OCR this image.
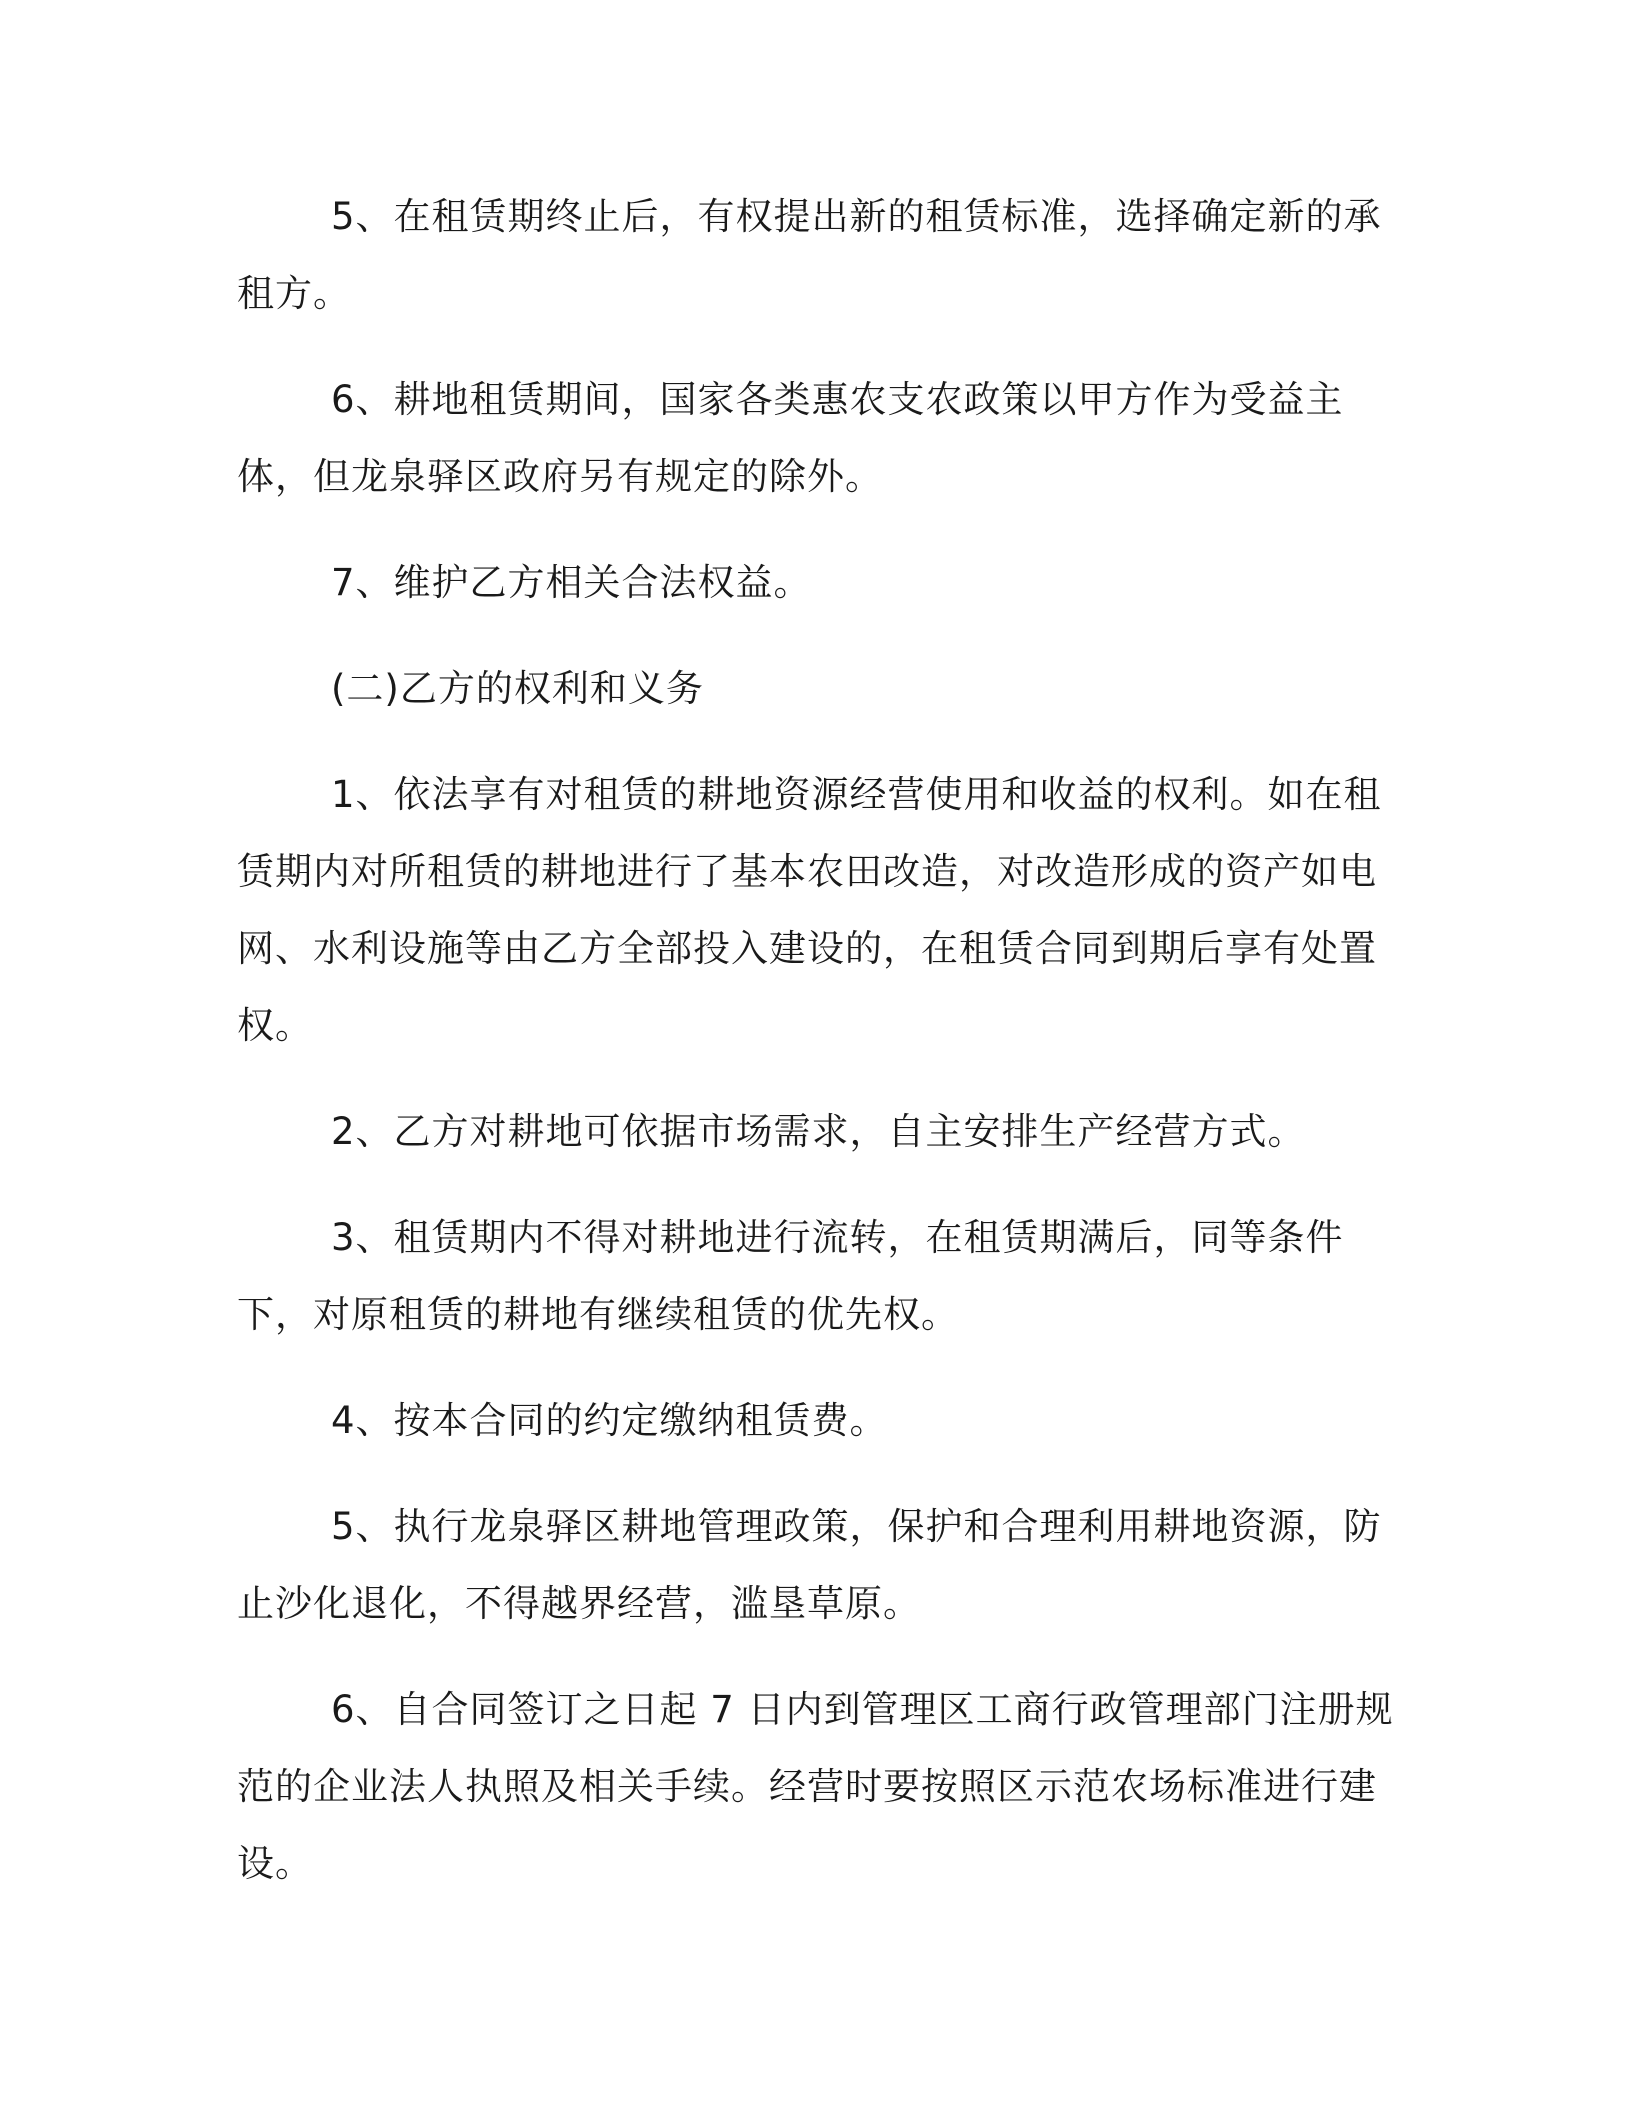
5、在租赁期终止后，有权提出新的租赁标准，选择确定新的承租方。

6、耕地租赁期间，国家各类惠农支农政策以甲方作为受益主体，但龙泉驿区政府另有规定的除外。

7、维护乙方相关合法权益。

(二)乙方的权利和义务

1、依法享有对租赁的耕地资源经营使用和收益的权利。如在租赁期内对所租赁的耕地进行了基本农田改造，对改造形成的资产如电网、水利设施等由乙方全部投入建设的，在租赁合同到期后享有处置权。

2、乙方对耕地可依据市场需求，自主安排生产经营方式。

3、租赁期内不得对耕地进行流转，在租赁期满后，同等条件下，对原租赁的耕地有继续租赁的优先权。

4、按本合同的约定缴纳租赁费。

5、执行龙泉驿区耕地管理政策，保护和合理利用耕地资源，防止沙化退化，不得越界经营，滥垦草原。

6、自合同签订之日起 7 日内到管理区工商行政管理部门注册规范的企业法人执照及相关手续。经营时要按照区示范农场标准进行建设。
